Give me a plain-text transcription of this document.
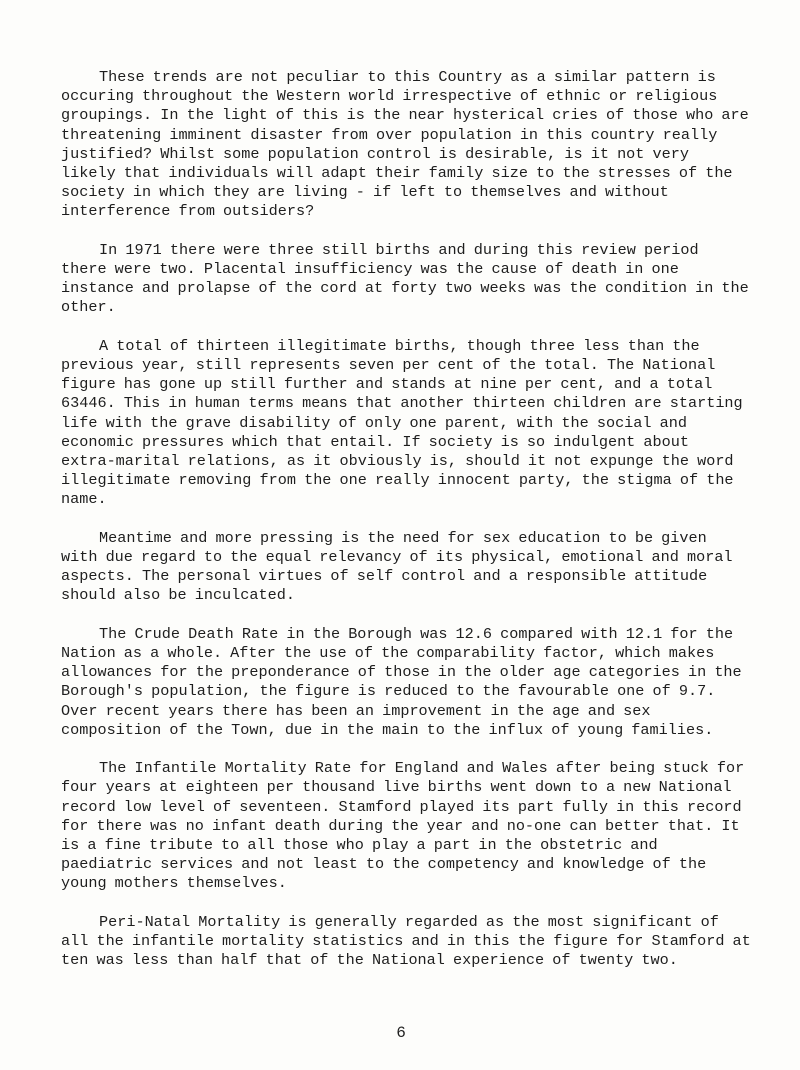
These trends are not peculiar to this Country as a similar pattern is occuring throughout the Western world irrespective of ethnic or religious groupings. In the light of this is the near hysterical cries of those who are threatening imminent disaster from over population in this country really justified? Whilst some population control is desirable, is it not very likely that individuals will adapt their family size to the stresses of the society in which they are living - if left to themselves and without interference from outsiders?

In 1971 there were three still births and during this review period there were two. Placental insufficiency was the cause of death in one instance and prolapse of the cord at forty two weeks was the condition in the other.

A total of thirteen illegitimate births, though three less than the previous year, still represents seven per cent of the total. The National figure has gone up still further and stands at nine per cent, and a total 63446. This in human terms means that another thirteen children are starting life with the grave disability of only one parent, with the social and economic pressures which that entail. If society is so indulgent about extra-marital relations, as it obviously is, should it not expunge the word illegitimate removing from the one really innocent party, the stigma of the name.

Meantime and more pressing is the need for sex education to be given with due regard to the equal relevancy of its physical, emotional and moral aspects. The personal virtues of self control and a responsible attitude should also be inculcated.

The Crude Death Rate in the Borough was 12.6 compared with 12.1 for the Nation as a whole. After the use of the comparability factor, which makes allowances for the preponderance of those in the older age categories in the Borough's population, the figure is reduced to the favourable one of 9.7. Over recent years there has been an improvement in the age and sex composition of the Town, due in the main to the influx of young families.

The Infantile Mortality Rate for England and Wales after being stuck for four years at eighteen per thousand live births went down to a new National record low level of seventeen. Stamford played its part fully in this record for there was no infant death during the year and no-one can better that. It is a fine tribute to all those who play a part in the obstetric and paediatric services and not least to the competency and knowledge of the young mothers themselves.

Peri-Natal Mortality is generally regarded as the most significant of all the infantile mortality statistics and in this the figure for Stamford at ten was less than half that of the National experience of twenty two.

6
